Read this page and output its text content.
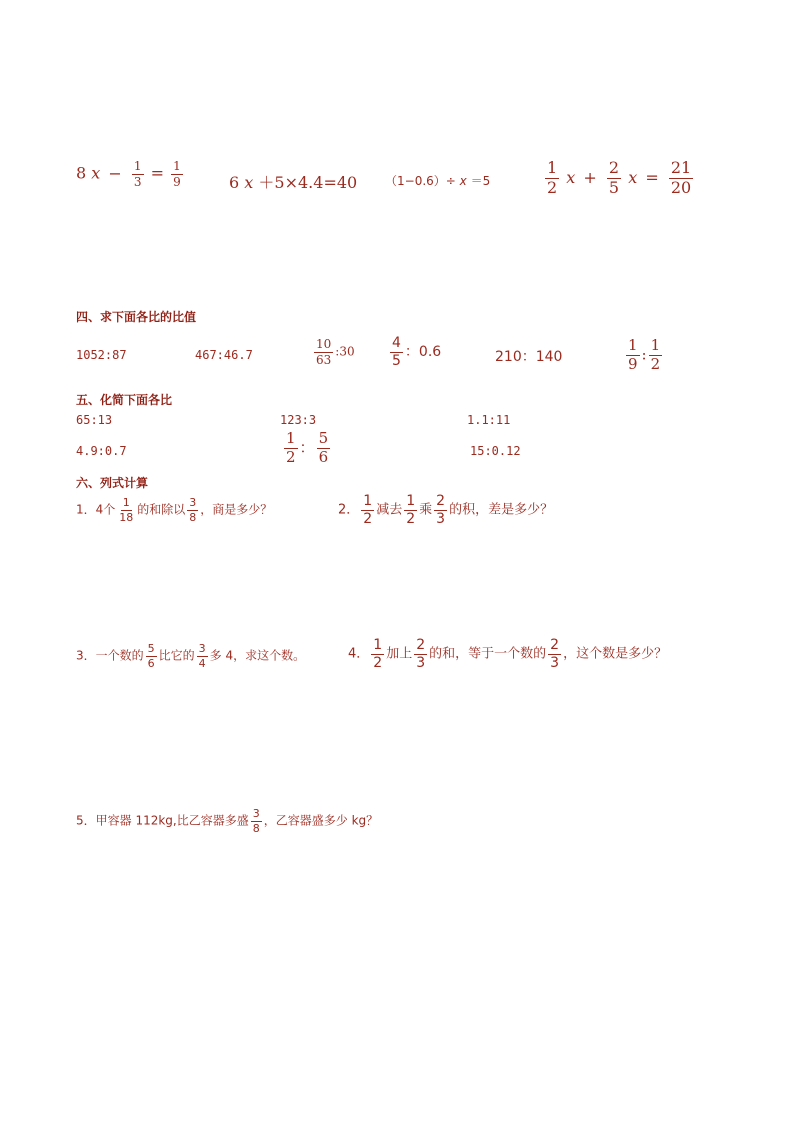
8 $x - \frac{1}{3} = \frac{1}{9}$	6 x ＋5×4.4=40 （1−0.6）÷ x ＝5	$\frac{1}{2}$ $x + \frac{2}{5}$ $x = \frac{21}{20}$
四、求下面各比的比值
1052:87	467:46.7	$\frac{10}{63}$ :30	$\frac{4}{5}$ ：0.6	210：140	$\frac{1}{9}$ : $\frac{1}{2}$
五、化简下面各比
65:13	123:3	1.1:11
4.9:0.7	$\frac{1}{2}$ ： $\frac{5}{6}$	15:0.12
六、列式计算
1．4个 $\frac{1}{18}$ 的和除以 $\frac{3}{8}$ ，商是多少？	2． $\frac{1}{2}$ 减去 $\frac{1}{2}$ 乘 $\frac{2}{3}$ 的积，差是多少？
3．一个数的 $\frac{5}{6}$ 比它的 $\frac{3}{4}$ 多 4，求这个数。	4． $\frac{1}{2}$ 加上 $\frac{2}{3}$ 的和，等于一个数的 $\frac{2}{3}$ ，这个数是多少？
5．甲容器 112kg,比乙容器多盛 $\frac{3}{8}$ ，乙容器盛多少 kg？
